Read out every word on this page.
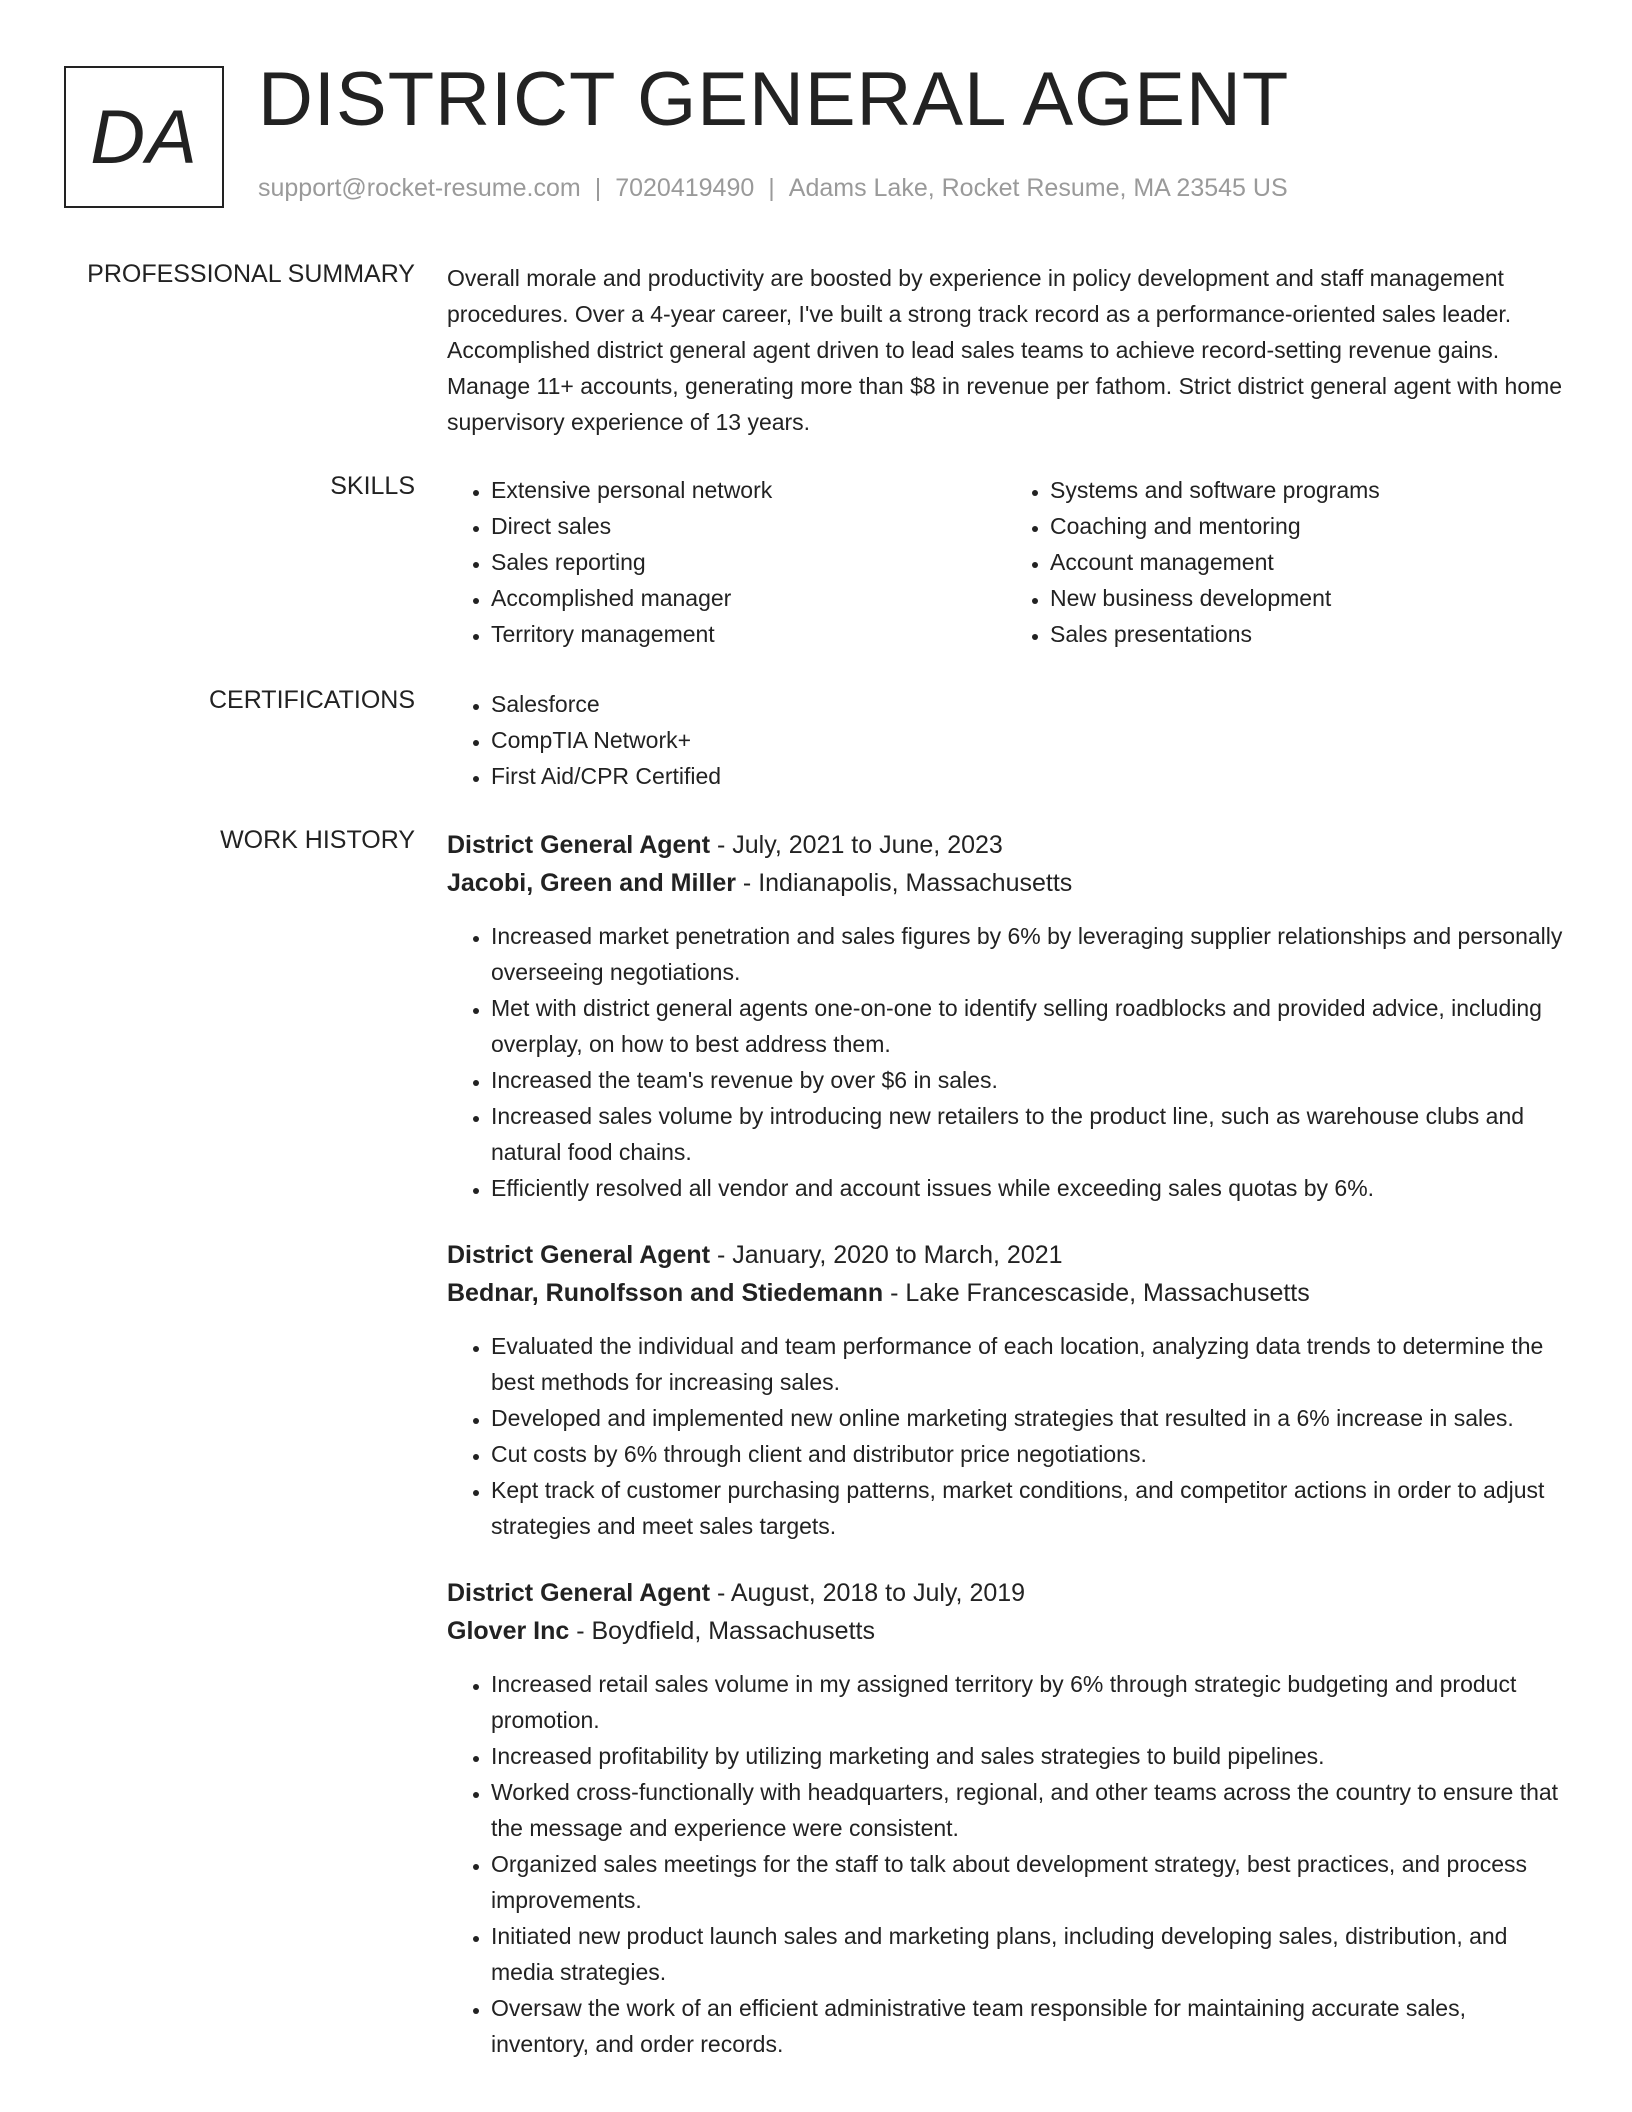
DA DISTRICT GENERAL AGENT
support@rocket-resume.com | 7020419490 | Adams Lake, Rocket Resume, MA 23545 US
PROFESSIONAL SUMMARY Overall morale and productivity are boosted by experience in policy development and staff management procedures. Over a 4-year career, I've built a strong track record as a performance-oriented sales leader. Accomplished district general agent driven to lead sales teams to achieve record-setting revenue gains. Manage 11+ accounts, generating more than $8 in revenue per fathom. Strict district general agent with home supervisory experience of 13 years.

SKILLS	• Extensive personal network
• Direct sales
• Sales reporting
• Accomplished manager
• Territory management
• Systems and software programs
• Coaching and mentoring
• Account management
• New business development
• Sales presentations
CERTIFICATIONS	• Salesforce
• CompTIA Network+
• First Aid/CPR Certified
WORK HISTORY District General Agent - July, 2021 to June, 2023
Jacobi, Green and Miller - Indianapolis, Massachusetts
• Increased market penetration and sales figures by 6% by leveraging supplier relationships and personally overseeing negotiations.
• Met with district general agents one-on-one to identify selling roadblocks and provided advice, including overplay, on how to best address them.
• Increased the team's revenue by over $6 in sales.
• Increased sales volume by introducing new retailers to the product line, such as warehouse clubs and natural food chains.
• Efficiently resolved all vendor and account issues while exceeding sales quotas by 6%.
District General Agent - January, 2020 to March, 2021
Bednar, Runolfsson and Stiedemann - Lake Francescaside, Massachusetts
• Evaluated the individual and team performance of each location, analyzing data trends to determine the best methods for increasing sales.
• Developed and implemented new online marketing strategies that resulted in a 6% increase in sales.
• Cut costs by 6% through client and distributor price negotiations.
• Kept track of customer purchasing patterns, market conditions, and competitor actions in order to adjust strategies and meet sales targets.
District General Agent - August, 2018 to July, 2019
Glover Inc - Boydfield, Massachusetts
• Increased retail sales volume in my assigned territory by 6% through strategic budgeting and product promotion.
• Increased profitability by utilizing marketing and sales strategies to build pipelines.
• Worked cross-functionally with headquarters, regional, and other teams across the country to ensure that the message and experience were consistent.
• Organized sales meetings for the staff to talk about development strategy, best practices, and process improvements.
• Initiated new product launch sales and marketing plans, including developing sales, distribution, and media strategies.
• Oversaw the work of an efficient administrative team responsible for maintaining accurate sales, inventory, and order records.
